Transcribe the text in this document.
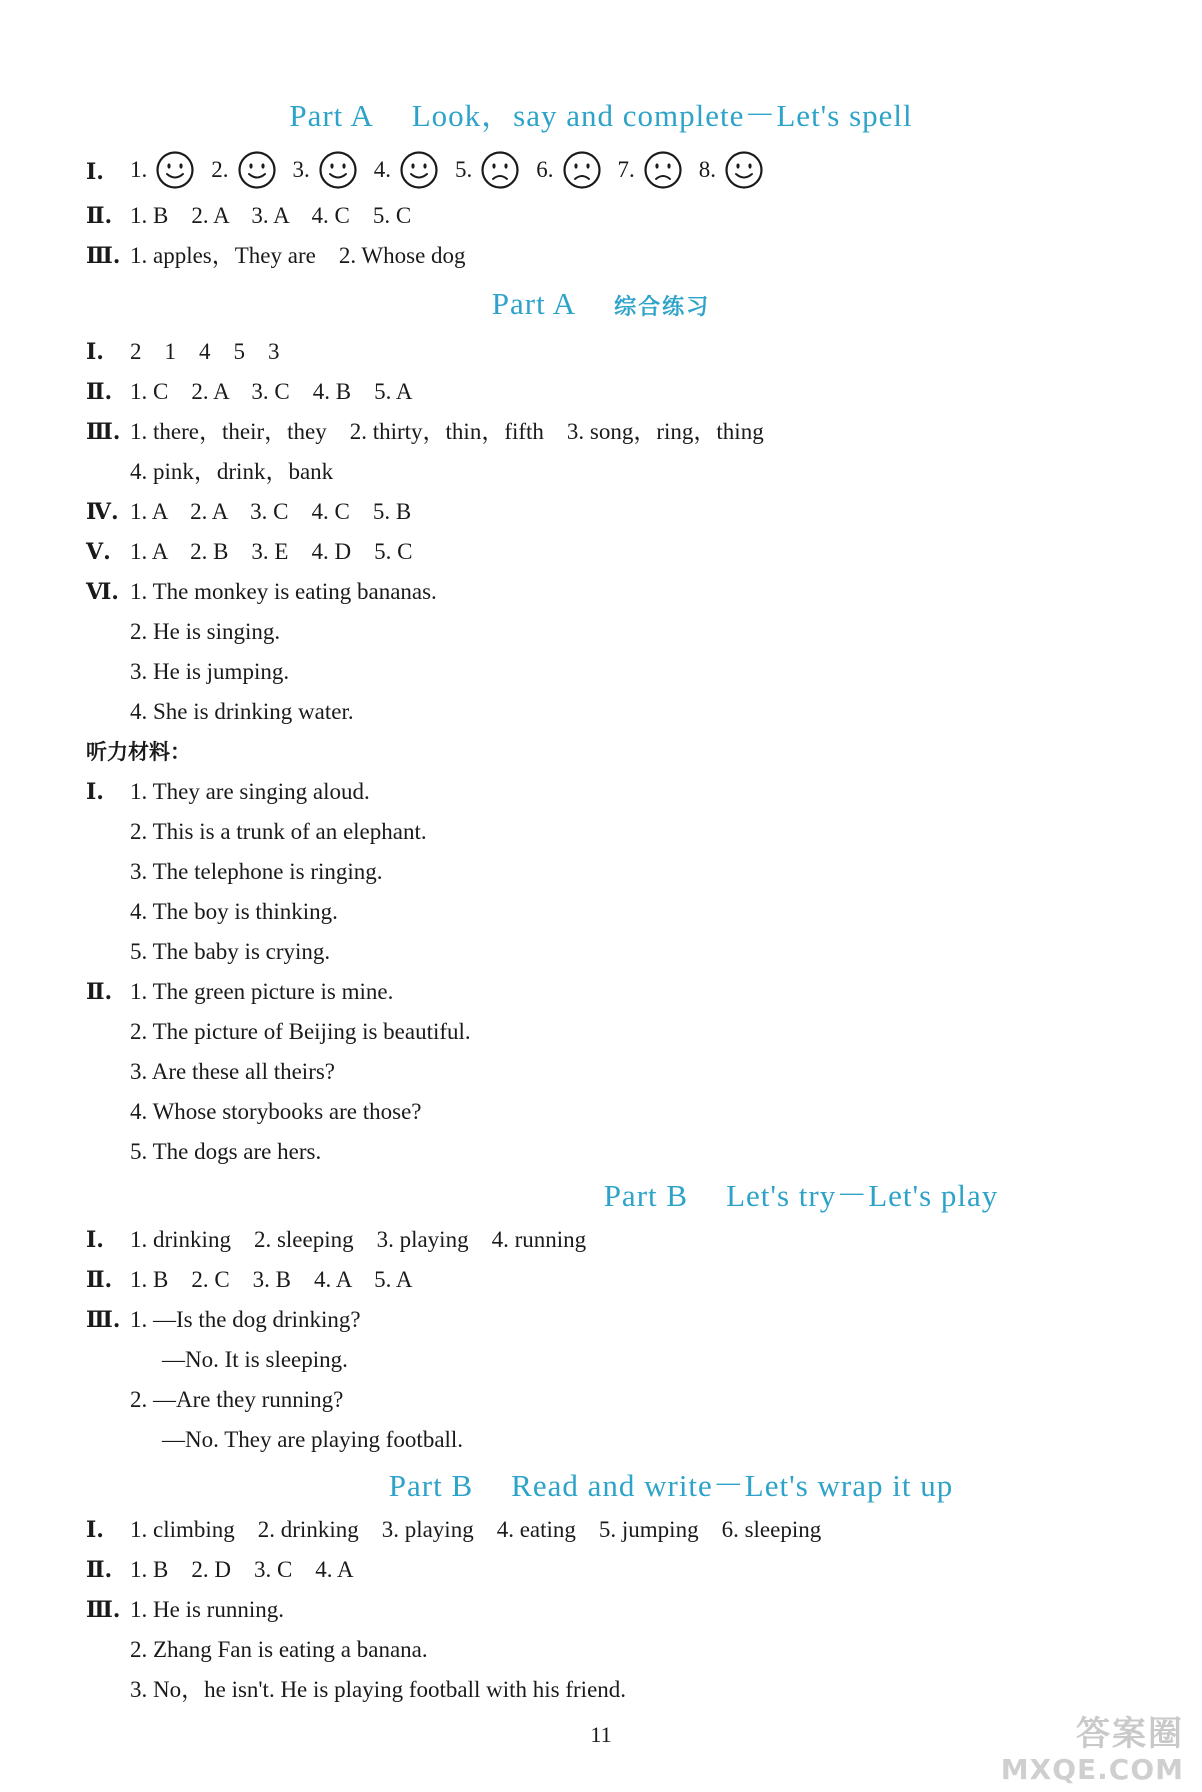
Part A Look，say and complete－Let's spell
Ⅰ. 1.	2.	3.	4.	5.	6.	7.	8.
Ⅱ. 1. B　2. A　3. A　4. C　5. C
Ⅲ. 1. apples，They are　2. Whose dog
Part A 综合练习
Ⅰ. 2　1　4　5　3
Ⅱ. 1. C　2. A　3. C　4. B　5. A
Ⅲ. 1. there，their，they　2. thirty，thin，fifth　3. song，ring，thing
4. pink，drink，bank
Ⅳ. 1. A　2. A　3. C　4. C　5. B
Ⅴ. 1. A　2. B　3. E　4. D　5. C
Ⅵ. 1. The monkey is eating bananas.
2. He is singing.
3. He is jumping.
4. She is drinking water.
听力材料：
Ⅰ. 1. They are singing aloud.
2. This is a trunk of an elephant.
3. The telephone is ringing.
4. The boy is thinking.
5. The baby is crying.
Ⅱ. 1. The green picture is mine.
2. The picture of Beijing is beautiful.
3. Are these all theirs?
4. Whose storybooks are those?
5. The dogs are hers.
Part B Let's try－Let's play
Ⅰ. 1. drinking　2. sleeping　3. playing　4. running
Ⅱ. 1. B　2. C　3. B　4. A　5. A
Ⅲ. 1. —Is the dog drinking?
—No. It is sleeping.
2. —Are they running?
—No. They are playing football.
Part B Read and write－Let's wrap it up
Ⅰ. 1. climbing　2. drinking　3. playing　4. eating　5. jumping　6. sleeping
Ⅱ. 1. B　2. D　3. C　4. A
Ⅲ. 1. He is running.
2. Zhang Fan is eating a banana.
3. No，he isn't. He is playing football with his friend.
11	答案圈
MXQE.COM
